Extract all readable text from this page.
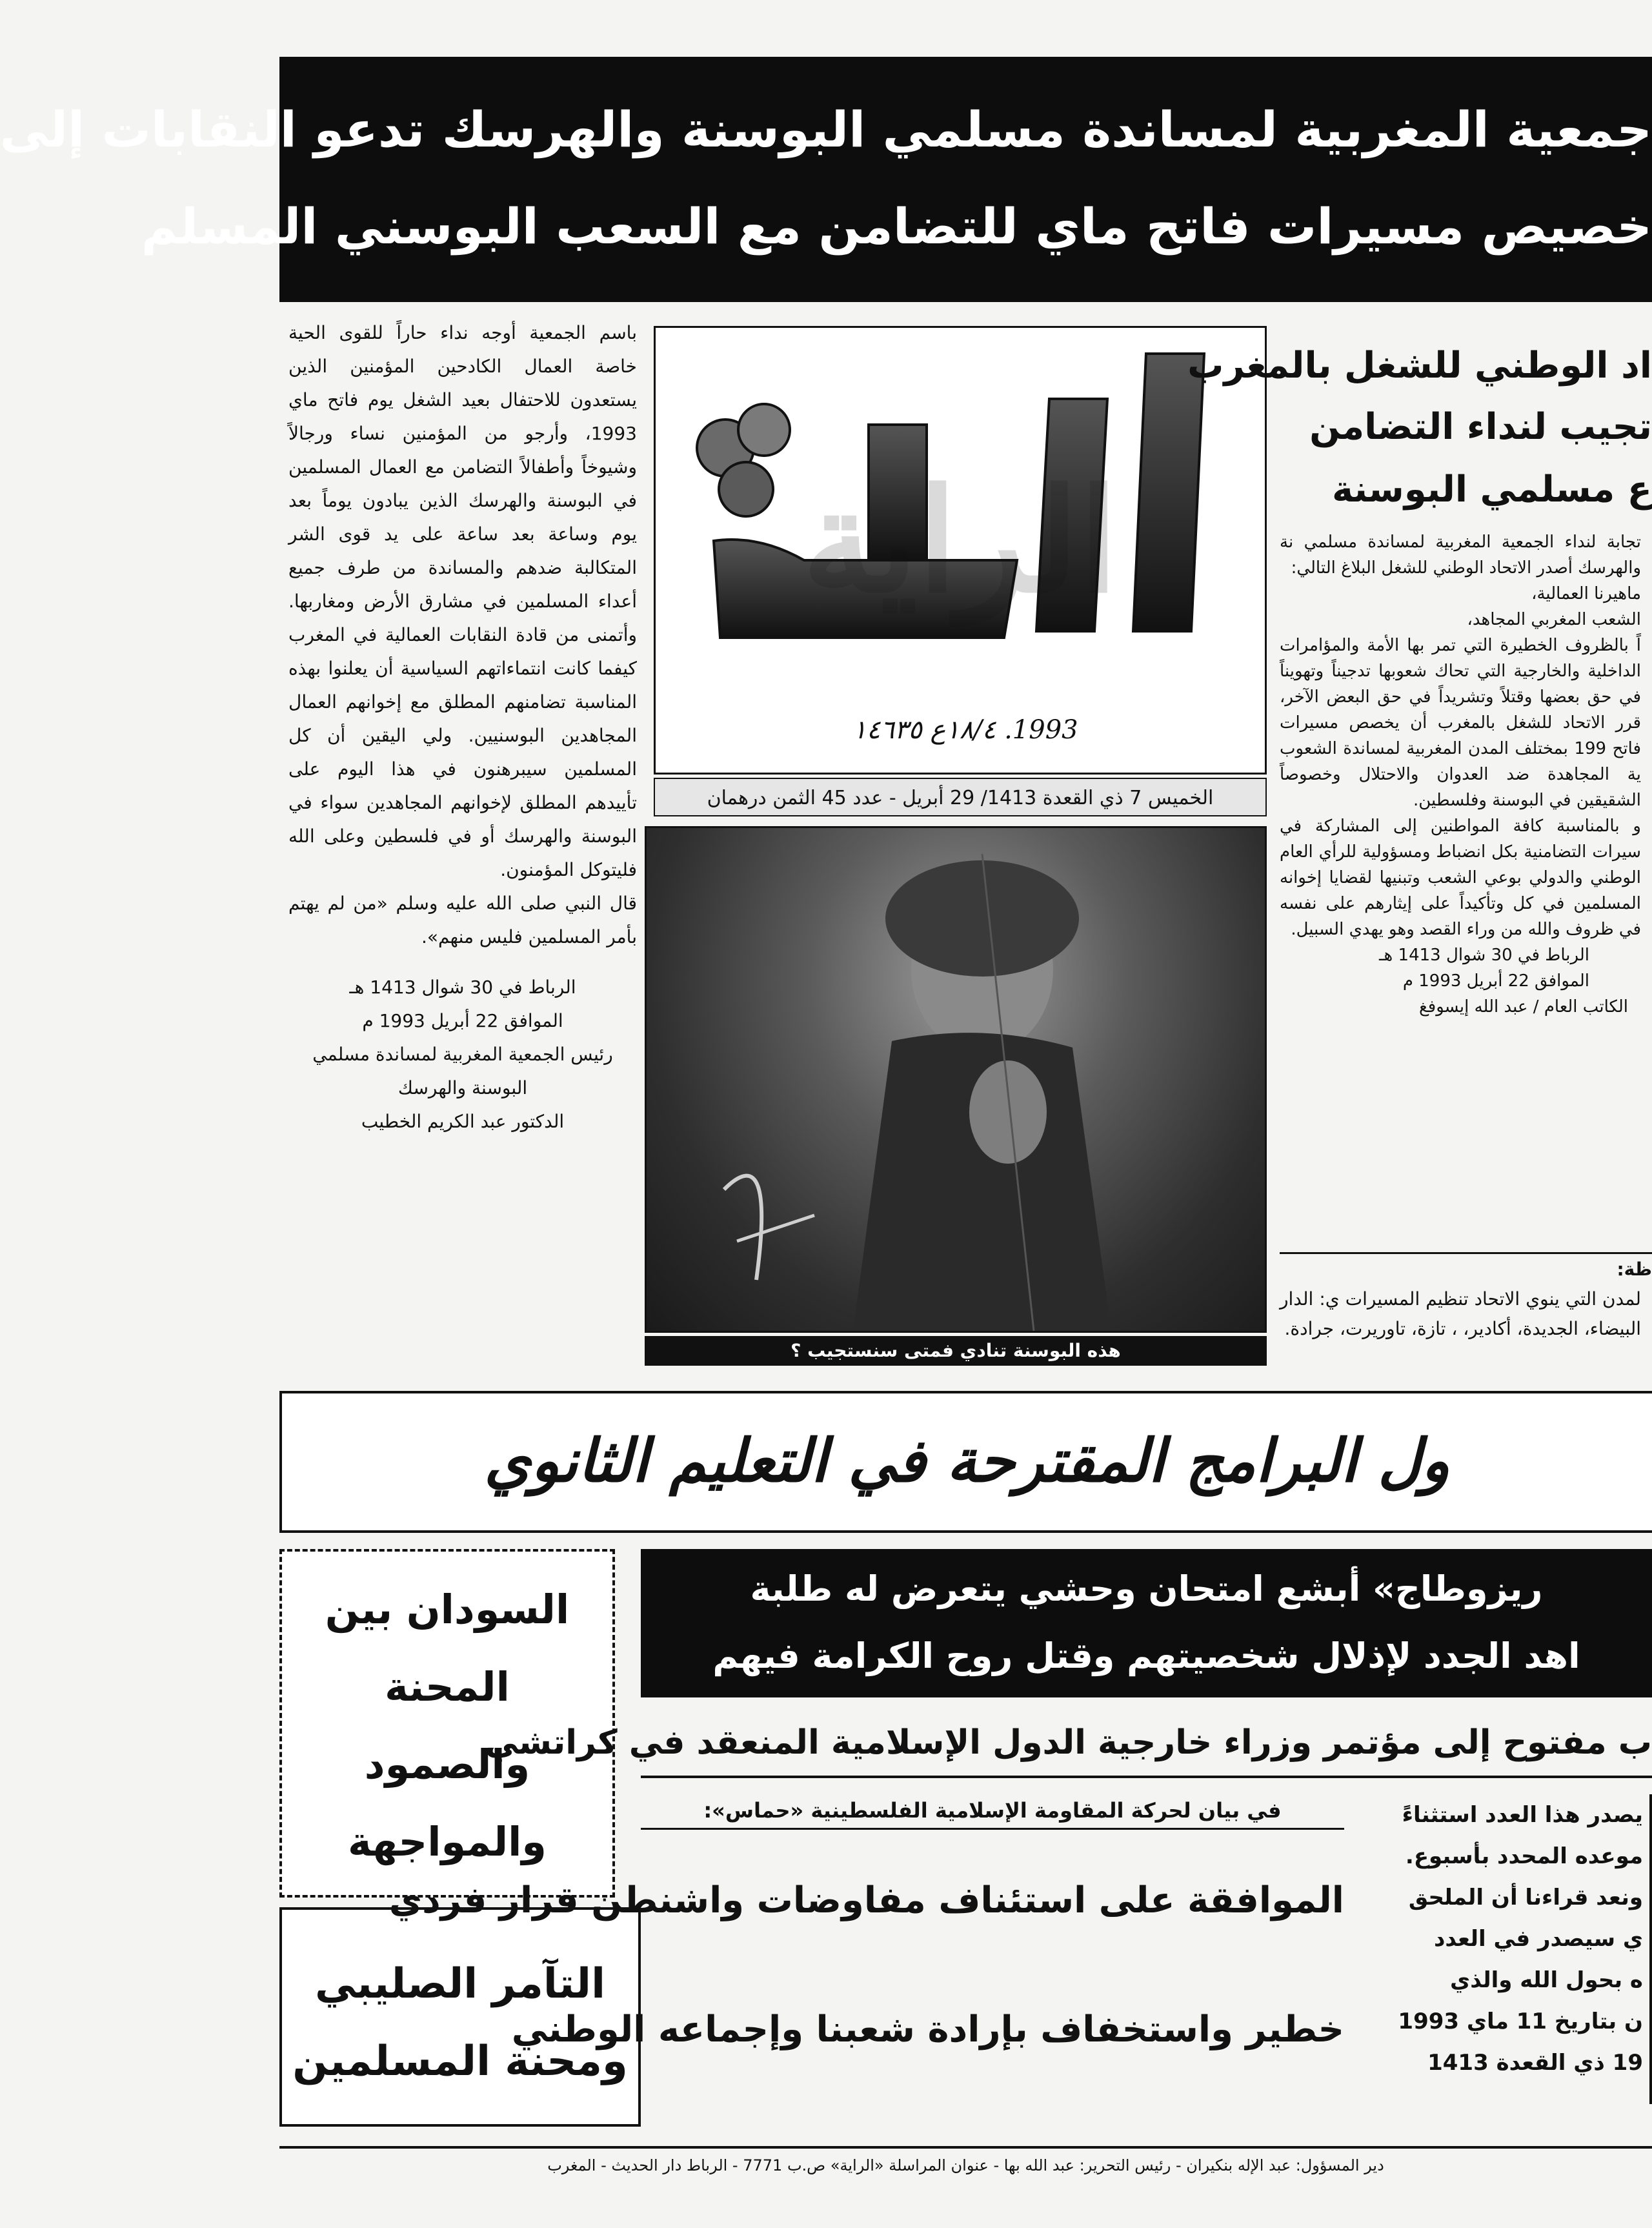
جمعية المغربية لمساندة مسلمي البوسنة والهرسك تدعو النقابات إلى
خصيص مسيرات فاتح ماي للتضامن مع السعب البوسني المسلم

باسم الجمعية أوجه نداء حاراً للقوى الحية خاصة العمال الكادحين المؤمنين الذين يستعدون للاحتفال بعيد الشغل يوم فاتح ماي 1993، وأرجو من المؤمنين نساء ورجالاً وشيوخاً وأطفالاً التضامن مع العمال المسلمين في البوسنة والهرسك الذين يبادون يوماً بعد يوم وساعة بعد ساعة على يد قوى الشر المتكالبة ضدهم والمساندة من طرف جميع أعداء المسلمين في مشارق الأرض ومغاربها. وأتمنى من قادة النقابات العمالية في المغرب كيفما كانت انتماءاتهم السياسية أن يعلنوا بهذه المناسبة تضامنهم المطلق مع إخوانهم العمال المجاهدين البوسنيين. ولي اليقين أن كل المسلمين سيبرهنون في هذا اليوم على تأييدهم المطلق لإخوانهم المجاهدين سواء في البوسنة والهرسك أو في فلسطين وعلى الله فليتوكل المؤمنون.

قال النبي صلى الله عليه وسلم «من لم يهتم بأمر المسلمين فليس منهم».

الرباط في 30 شوال 1413 هـ

الموافق 22 أبريل 1993 م

رئيس الجمعية المغربية لمساندة مسلمي البوسنة والهرسك

الدكتور عبد الكريم الخطيب

الراية
1993. ١٨/٤ع ١٤٦٣٥
الخميس 7 ذي القعدة 1413/ 29 أبريل - عدد 45 الثمن درهمان
هذه البوسنة تنادي فمتى سنستجيب ؟
اد الوطني للشغل بالمغرب
تجيب لنداء التضامن
ع مسلمي البوسنة

تجابة لنداء الجمعية المغربية لمساندة مسلمي نة والهرسك أصدر الاتحاد الوطني للشغل البلاغ التالي:

ماهيرنا العمالية،

الشعب المغربي المجاهد،

اً بالظروف الخطيرة التي تمر بها الأمة والمؤامرات الداخلية والخارجية التي تحاك شعوبها تدجيناً وتهويناً في حق بعضها وقتلاً وتشريداً في حق البعض الآخر، قرر الاتحاد للشغل بالمغرب أن يخصص مسيرات فاتح 199 بمختلف المدن المغربية لمساندة الشعوب ية المجاهدة ضد العدوان والاحتلال وخصوصاً الشقيقين في البوسنة وفلسطين.

و بالمناسبة كافة المواطنين إلى المشاركة في سيرات التضامنية بكل انضباط ومسؤولية للرأي العام الوطني والدولي بوعي الشعب وتبنيها لقضايا إخوانه المسلمين في كل وتأكيداً على إيثارهم على نفسه في ظروف والله من وراء القصد وهو يهدي السبيل.

الرباط في 30 شوال 1413 هـ

الموافق 22 أبريل 1993 م

الكاتب العام / عبد الله إيسوفغ

ظة:
لمدن التي ينوي الاتحاد تنظيم المسيرات ي: الدار البيضاء، الجديدة، أكادير، ، تازة، تاوريرت، جرادة.
ول البرامج المقترحة في التعليم الثانوي
السودان بين
المحنة
والصمود
والمواجهة
التآمر الصليبي
ومحنة المسلمين
ريزوطاج» أبشع امتحان وحشي يتعرض له طلبة
اهد الجدد لإذلال شخصيتهم وقتل روح الكرامة فيهم
ب مفتوح إلى مؤتمر وزراء خارجية الدول الإسلامية المنعقد في كراتشي
في بيان لحركة المقاومة الإسلامية الفلسطينية «حماس»:
الموافقة على استئناف مفاوضات واشنطن قرار فردي
خطير واستخفاف بإرادة شعبنا وإجماعه الوطني
يصدر هذا العدد استثناءً
موعده المحدد بأسبوع.
ونعد قراءنا أن الملحق
ي سيصدر في العدد
ه بحول الله والذي
ن بتاريخ 11 ماي 1993
19 ذي القعدة 1413
دير المسؤول: عبد الإله بنكيران - رئيس التحرير: عبد الله بها - عنوان المراسلة «الراية» ص.ب 7771 - الرباط دار الحديث - المغرب
